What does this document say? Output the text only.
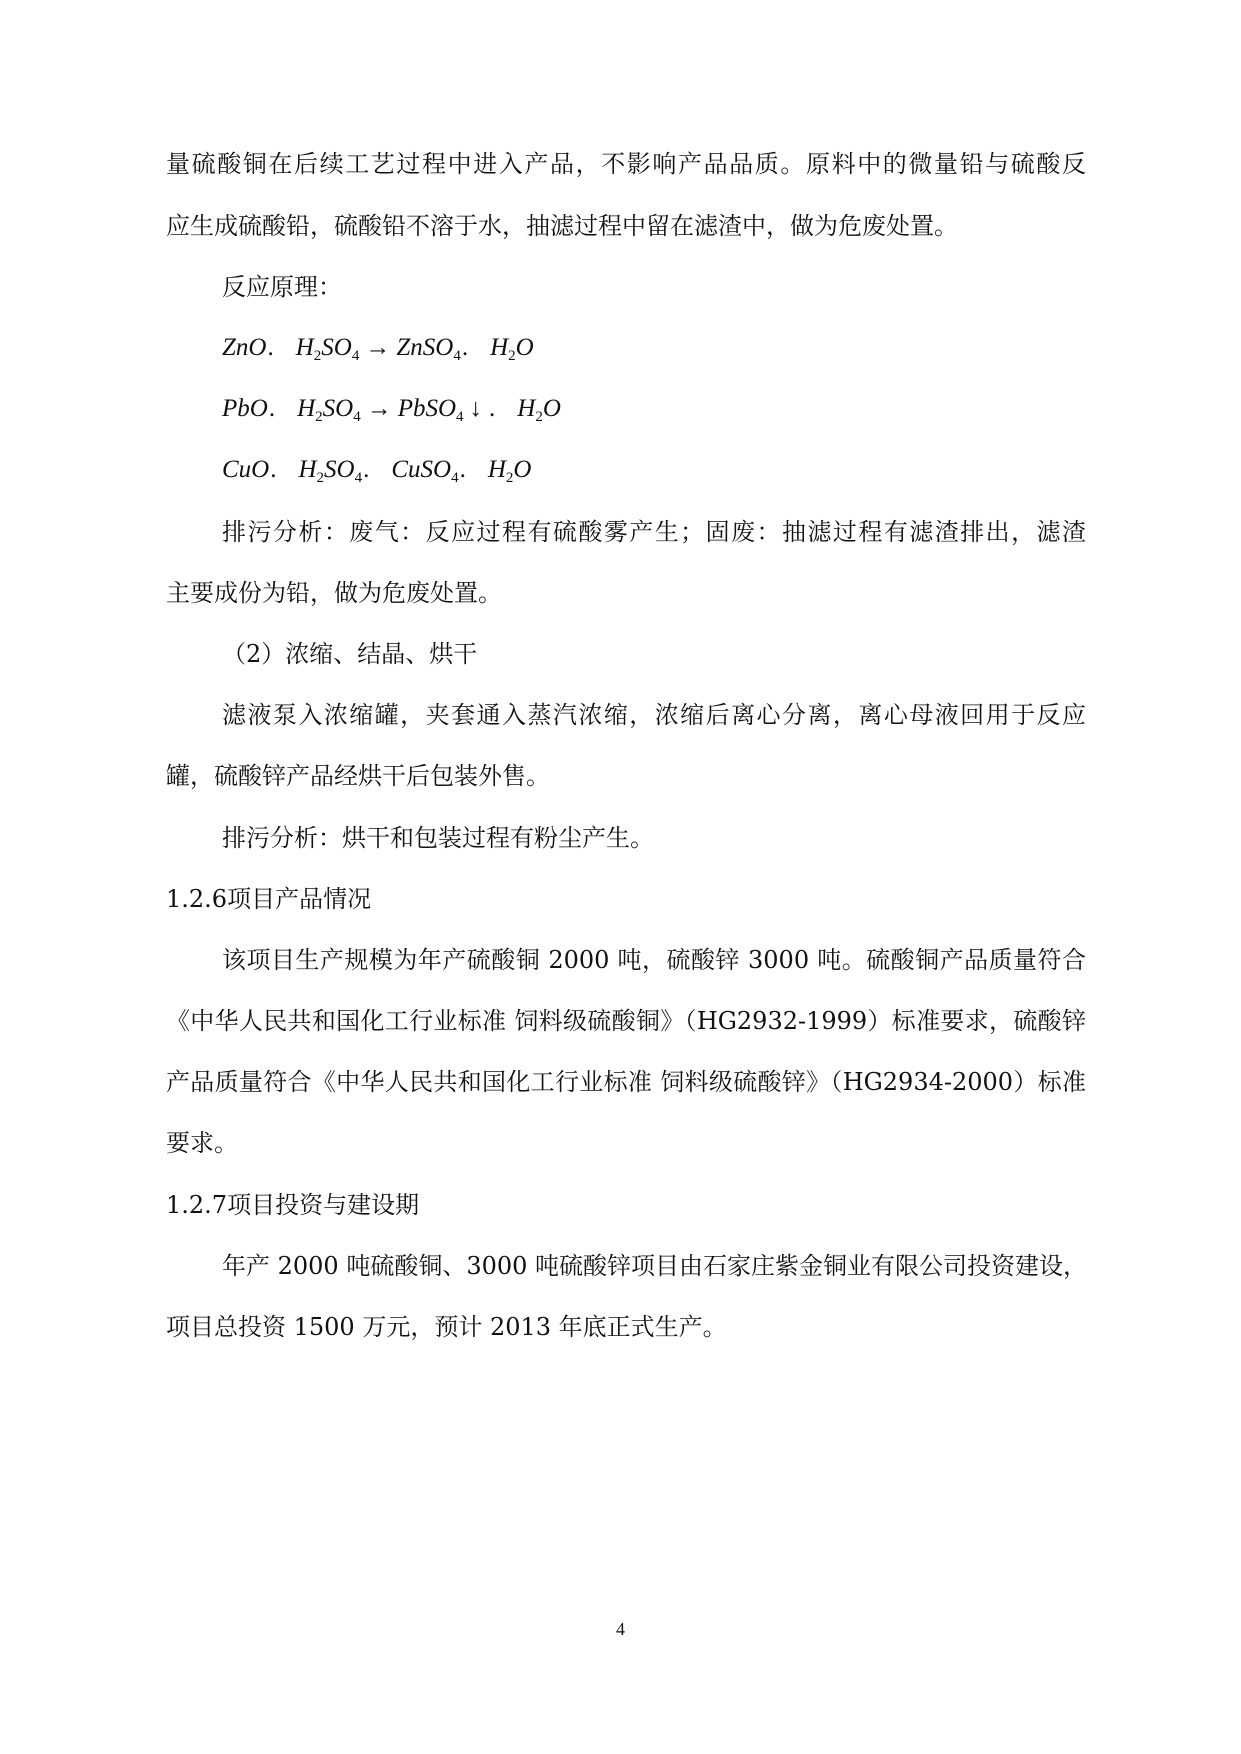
量硫酸铜在后续工艺过程中进入产品，不影响产品品质。原料中的微量铅与硫酸反
应生成硫酸铅，硫酸铅不溶于水，抽滤过程中留在滤渣中，做为危废处置。
反应原理：
ZnO. $H_2SO_4$ → ZnSO$_4$. $H_2O$
PbO. $H_2SO_4$ → PbSO$_4$ ↓ . $H_2O$
CuO. $H_2SO_4$. CuSO$_4$. $H_2O$
排污分析：废气：反应过程有硫酸雾产生；固废：抽滤过程有滤渣排出，滤渣
主要成份为铅，做为危废处置。
（2）浓缩、结晶、烘干
滤液泵入浓缩罐，夹套通入蒸汽浓缩，浓缩后离心分离，离心母液回用于反应
罐，硫酸锌产品经烘干后包装外售。
排污分析：烘干和包装过程有粉尘产生。
1.2.6项目产品情况
该项目生产规模为年产硫酸铜 2000 吨，硫酸锌 3000 吨。硫酸铜产品质量符合
《中华人民共和国化工行业标准 饲料级硫酸铜》（HG2932-1999）标准要求，硫酸锌
产品质量符合《中华人民共和国化工行业标准 饲料级硫酸锌》（HG2934-2000）标准
要求。
1.2.7项目投资与建设期
年产 2000 吨硫酸铜、3000 吨硫酸锌项目由石家庄紫金铜业有限公司投资建设，
项目总投资 1500 万元，预计 2013 年底正式生产。
4
